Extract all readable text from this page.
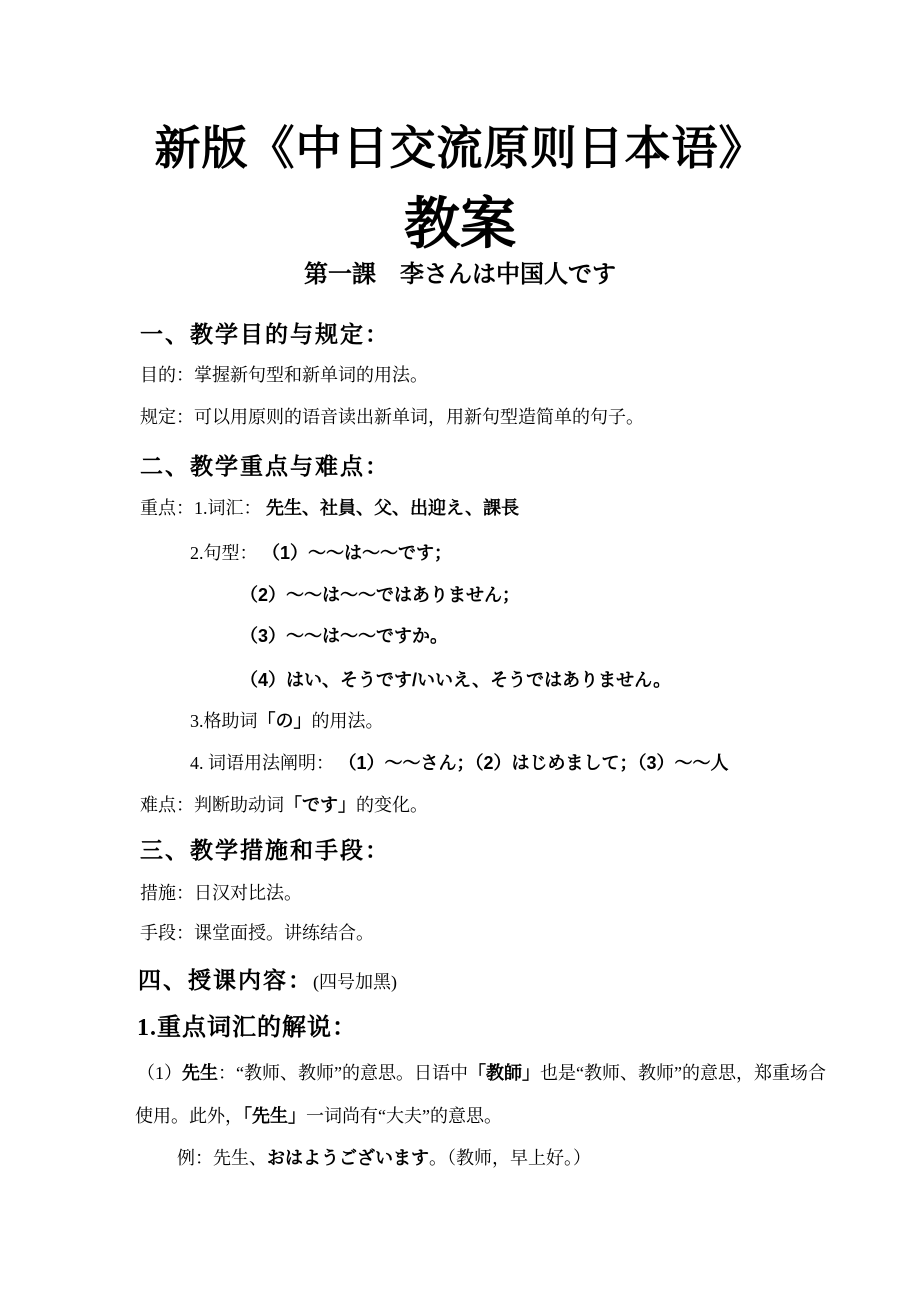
新版《中日交流原则日本语》
教案
第一課　李さんは中国人です
一、教学目的与规定：
目的：掌握新句型和新单词的用法。
规定：可以用原则的语音读出新单词，用新句型造简单的句子。
二、教学重点与难点：
重点：1.词汇： 先生、社員、父、出迎え、課長
2.句型： （1）～～は～～です；
（2）～～は～～ではありません；
（3）～～は～～ですか。
（4）はい、そうです/いいえ、そうではありません。
3.格助词「の」的用法。
4. 词语用法阐明： （1）～～さん；（2）はじめまして；（3）～～人
难点：判断助动词「です」的变化。
三、教学措施和手段：
措施：日汉对比法。
手段：课堂面授。讲练结合。
四、授课内容：(四号加黑)
1.重点词汇的解说：
（1）先生：“教师、教师”的意思。日语中「教師」也是“教师、教师”的意思，郑重场合
使用。此外，「先生」一词尚有“大夫”的意思。
例：先生、おはようございます。（教师，早上好。）
